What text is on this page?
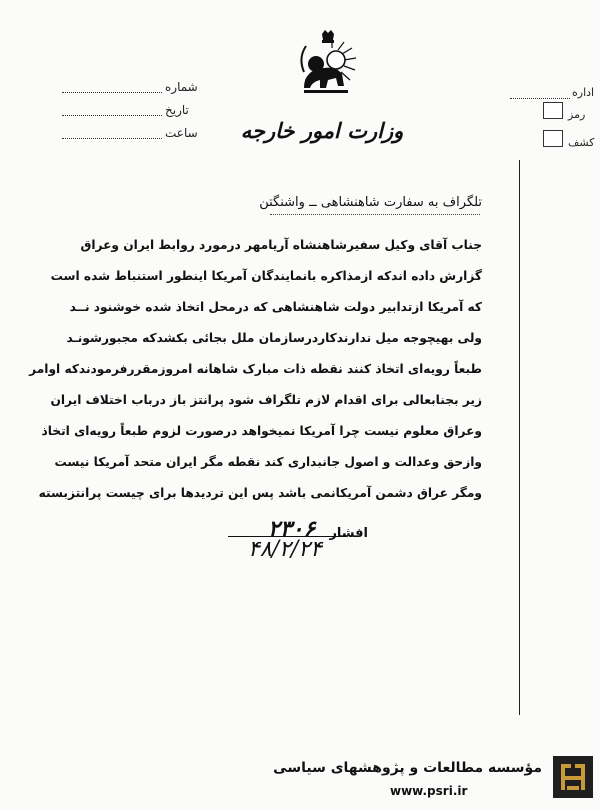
وزارت امور خارجه
شماره
تاریخ
ساعت
اداره
رمز
کشف
تلگراف به سفارت شاهنشاهی ــ واشنگتن
جناب آقای وکیل سفیرشاهنشاه آریامهر درمورد روابط ایران وعراق
گزارش داده اندکه ازمذاکره بانمایندگان آمریکا اینطور استنباط شده است
که آمریکا ازتدابیر دولت شاهنشاهی که درمحل اتخاذ شده خوشنود نــد
ولی بهیچوجه میل ندارندکاردرسازمان ملل بجائی بکشدکه مجبورشونـد
طبعاً رویه‌ای اتخاذ کنند نقطه ذات مبارک شاهانه امروزمقررفرمودندکه اوامر
زیر بجنابعالی برای اقدام لازم تلگراف شود پرانتز باز درباب اختلاف ایران
وعراق معلوم نیست چرا آمریکا نمیخواهد درصورت لزوم طبعاً رویه‌ای اتخاذ
وازحق وعدالت و اصول جانبداری کند نقطه مگر ایران متحد آمریکا نیست
ومگر عراق دشمن آمریکانمی باشد پس این تردیدها برای چیست پرانتزبسته
افشار
۲۳۰۶
۴۸/۲/۲۴
مؤسسه مطالعات و پژوهشهای سیاسی
www.psri.ir
